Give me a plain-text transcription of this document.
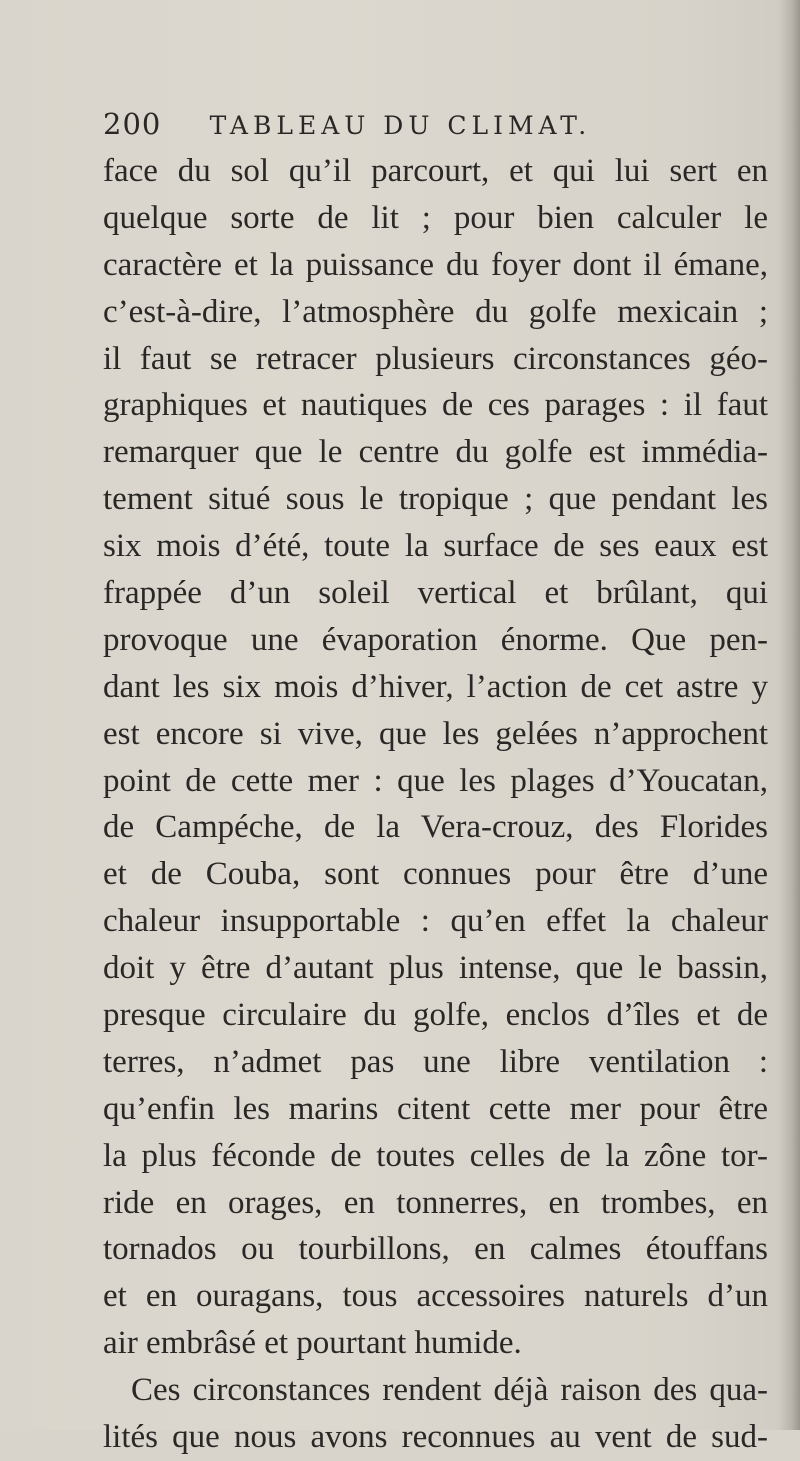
200 TABLEAU DU CLIMAT.
face du sol qu’il parcourt, et qui lui sert en
quelque sorte de lit ; pour bien calculer le
caractère et la puissance du foyer dont il émane,
c’est-à-dire, l’atmosphère du golfe mexicain ;
il faut se retracer plusieurs circonstances géo-
graphiques et nautiques de ces parages : il faut
remarquer que le centre du golfe est immédia-
tement situé sous le tropique ; que pendant les
six mois d’été, toute la surface de ses eaux est
frappée d’un soleil vertical et brûlant, qui
provoque une évaporation énorme. Que pen-
dant les six mois d’hiver, l’action de cet astre y
est encore si vive, que les gelées n’approchent
point de cette mer : que les plages d’Youcatan,
de Campéche, de la Vera-crouz, des Florides
et de Couba, sont connues pour être d’une
chaleur insupportable : qu’en effet la chaleur
doit y être d’autant plus intense, que le bassin,
presque circulaire du golfe, enclos d’îles et de
terres, n’admet pas une libre ventilation :
qu’enfin les marins citent cette mer pour être
la plus féconde de toutes celles de la zône tor-
ride en orages, en tonnerres, en trombes, en
tornados ou tourbillons, en calmes étouffans
et en ouragans, tous accessoires naturels d’un
air embrâsé et pourtant humide.
Ces circonstances rendent déjà raison des qua-
lités que nous avons reconnues au vent de sud-
